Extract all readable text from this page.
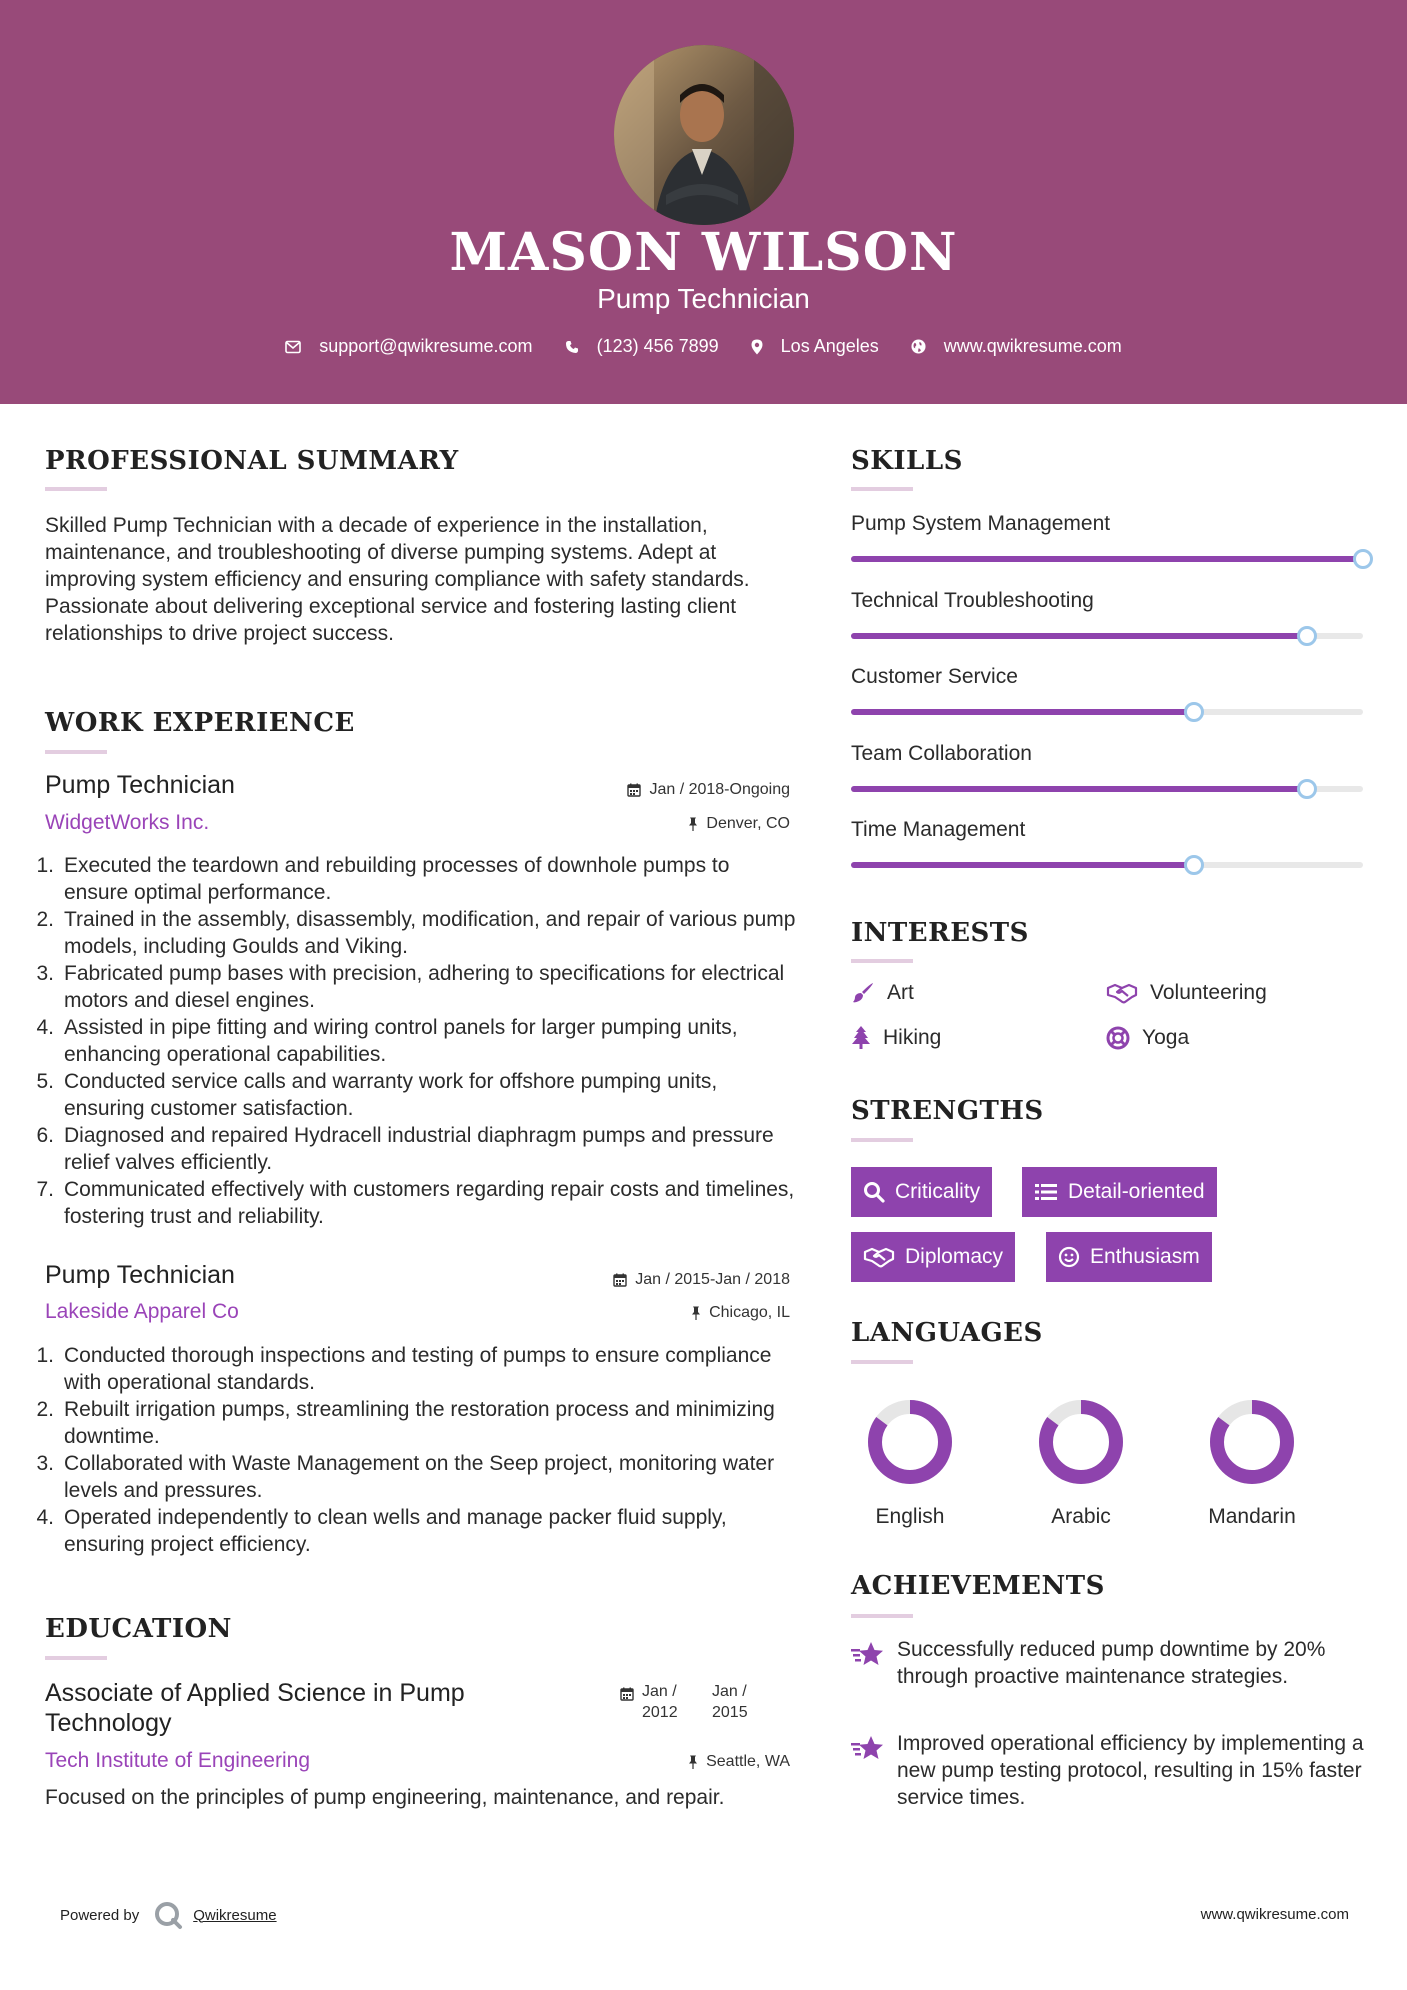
MASON WILSON
Pump Technician
support@qwikresume.com	(123) 456 7899	Los Angeles	www.qwikresume.com
PROFESSIONAL SUMMARY
Skilled Pump Technician with a decade of experience in the installation, maintenance, and troubleshooting of diverse pumping systems. Adept at improving system efficiency and ensuring compliance with safety standards. Passionate about delivering exceptional service and fostering lasting client relationships to drive project success.
WORK EXPERIENCE
Pump Technician	Jan / 2018-Ongoing
WidgetWorks Inc.	Denver, CO
1. Executed the teardown and rebuilding processes of downhole pumps to ensure optimal performance.
2. Trained in the assembly, disassembly, modification, and repair of various pump models, including Goulds and Viking.
3. Fabricated pump bases with precision, adhering to specifications for electrical motors and diesel engines.
4. Assisted in pipe fitting and wiring control panels for larger pumping units, enhancing operational capabilities.
5. Conducted service calls and warranty work for offshore pumping units, ensuring customer satisfaction.
6. Diagnosed and repaired Hydracell industrial diaphragm pumps and pressure relief valves efficiently.
7. Communicated effectively with customers regarding repair costs and timelines, fostering trust and reliability.
Pump Technician	Jan / 2015-Jan / 2018
Lakeside Apparel Co	Chicago, IL
1. Conducted thorough inspections and testing of pumps to ensure compliance with operational standards.
2. Rebuilt irrigation pumps, streamlining the restoration process and minimizing downtime.
3. Collaborated with Waste Management on the Seep project, monitoring water levels and pressures.
4. Operated independently to clean wells and manage packer fluid supply, ensuring project efficiency.
EDUCATION
Associate of Applied Science in Pump Technology
Jan / 2012
Jan / 2015
Tech Institute of Engineering	Seattle, WA
Focused on the principles of pump engineering, maintenance, and repair.
SKILLS
Pump System Management
Technical Troubleshooting
Customer Service
Team Collaboration
Time Management
INTERESTS
Art	Volunteering
Hiking	Yoga
STRENGTHS
Criticality	Detail-oriented
Diplomacy	Enthusiasm
LANGUAGES
English	Arabic	Mandarin
ACHIEVEMENTS
Successfully reduced pump downtime by 20% through proactive maintenance strategies.
Improved operational efficiency by implementing a new pump testing protocol, resulting in 15% faster service times.
Powered by	Qwikresume	www.qwikresume.com
